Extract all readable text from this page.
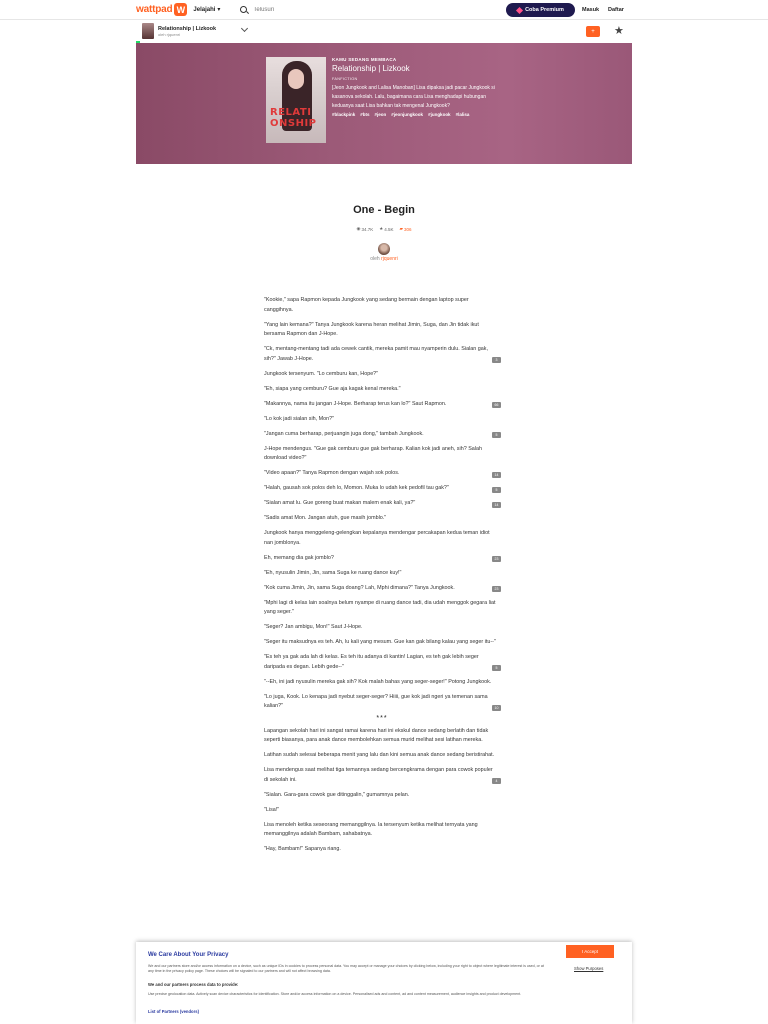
wattpad W	Jelajahi ▾
Telusuri	Coba Premium	Masuk Daftar
Relationship | Lizkook
oleh rjquenri	+ ★
RELATI ONSHIP
KAMU SEDANG MEMBACA
Relationship | Lizkook
FANFICTION
[Jeon Jungkook and Lalisa Manoban] Lisa dipaksa jadi pacar Jungkook si kasanova sekolah. Lalu, bagaimana cara Lisa menghadapi hubungan keduanya saat Lisa bahkan tak mengenal Jungkook?
#blackpink #bts #jeon #jeonjungkook #jungkook #lalisa
One - Begin
◉ 34.7K ★ 4.5K ▰ 306
oleh rjquenri
"Kookie," sapa Rapmon kepada Jungkook yang sedang bermain dengan laptop super canggihnya.
"Yang lain kemana?" Tanya Jungkook karena heran melihat Jimin, Suga, dan Jin tidak ikut bersama Rapmon dan J-Hope.
"Ck, mentang-mentang tadi ada cewek cantik, mereka pamit mau nyamperin dulu. Sialan gak, sih?" Jawab J-Hope.	3
Jungkook tersenyum. "Lo cemburu kan, Hope?"
"Eh, siapa yang cemburu? Gue aja kagak kenal mereka."
"Makannya, nama itu jangan J-Hope. Berharap terus kan lo?" Saut Rapmon.	66
"Lo kok jadi sialan sih, Mon?"
"Jangan cuma berharap, perjuangin juga dong," tambah Jungkook.	5
J-Hope mendengus. "Gue gak cemburu gue gak berharap. Kalian kok jadi aneh, sih? Salah download video?"
"Video apaan?" Tanya Rapmon dengan wajah sok polos.	14
"Halah, gausah sok polos deh lo, Momon. Muka lo udah kek pedofil tau gak?"	5
"Sialan amat lu. Gue goreng buat makan malem enak kali, ya?"	14
"Sadis amat Mon. Jangan atuh, gue masih jomblo."
Jungkook hanya menggeleng-gelengkan kepalanya mendengar percakapan kedua teman idiot nan jomblonya.
Eh, memang dia gak jomblo?	23
"Eh, nyusulin Jimin, Jin, sama Suga ke ruang dance kuy!"
"Kok cuma Jimin, Jin, sama Suga doang? Lah, Mphi dimana?" Tanya Jungkook.	23
"Mphi lagi di kelas lain soalnya belum nyampe di ruang dance tadi, dia udah menggok gegara liat yang seger."
"Seger? Jan ambigu, Mon!" Saut J-Hope.
"Seger itu maksudnya es teh. Ah, lu kali yang mesum. Gue kan gak bilang kalau yang seger itu--"
"Es teh ya gak ada lah di kelas. Es teh itu adanya di kantin! Lagian, es teh gak lebih seger daripada es degan. Lebih gede--"	5
"--Eh, ini jadi nyusulin mereka gak sih? Kok malah bahas yang seger-seger!" Potong Jungkook.
"Lo juga, Kook. Lo kenapa jadi nyebut seger-seger? Hiiii, gue kok jadi ngeri ya temenan sama kalian?"	10
***
Lapangan sekolah hari ini sangat ramai karena hari ini ekskul dance sedang berlatih dan tidak seperti biasanya, para anak dance membolehkan semua murid melihat sesi latihan mereka.
Latihan sudah selesai beberapa menit yang lalu dan kini semua anak dance sedang beristirahat.
Lisa mendengus saat melihat tiga temannya sedang bercengkrama dengan para cowok populer di sekolah ini.	4
"Sialan. Gara-gara cowok gue ditinggalin," gumamnya pelan.
"Lisa!"
Lisa menoleh ketika seseorang memanggilnya. Ia tersenyum ketika melihat ternyata yang memanggilnya adalah Bambam, sahabatnya.
"Hay, Bambam!" Sapanya riang.
We Care About Your Privacy
We and our partners store and/or access information on a device, such as unique IDs in cookies to process personal data. You may accept or manage your choices by clicking below, including your right to object where legitimate interest is used, or at any time in the privacy policy page. These choices will be signaled to our partners and will not affect browsing data.
We and our partners process data to provide:
Use precise geolocation data. Actively scan device characteristics for identification. Store and/or access information on a device. Personalised ads and content, ad and content measurement, audience insights and product development.
List of Partners (vendors)
I Accept
Show Purposes
